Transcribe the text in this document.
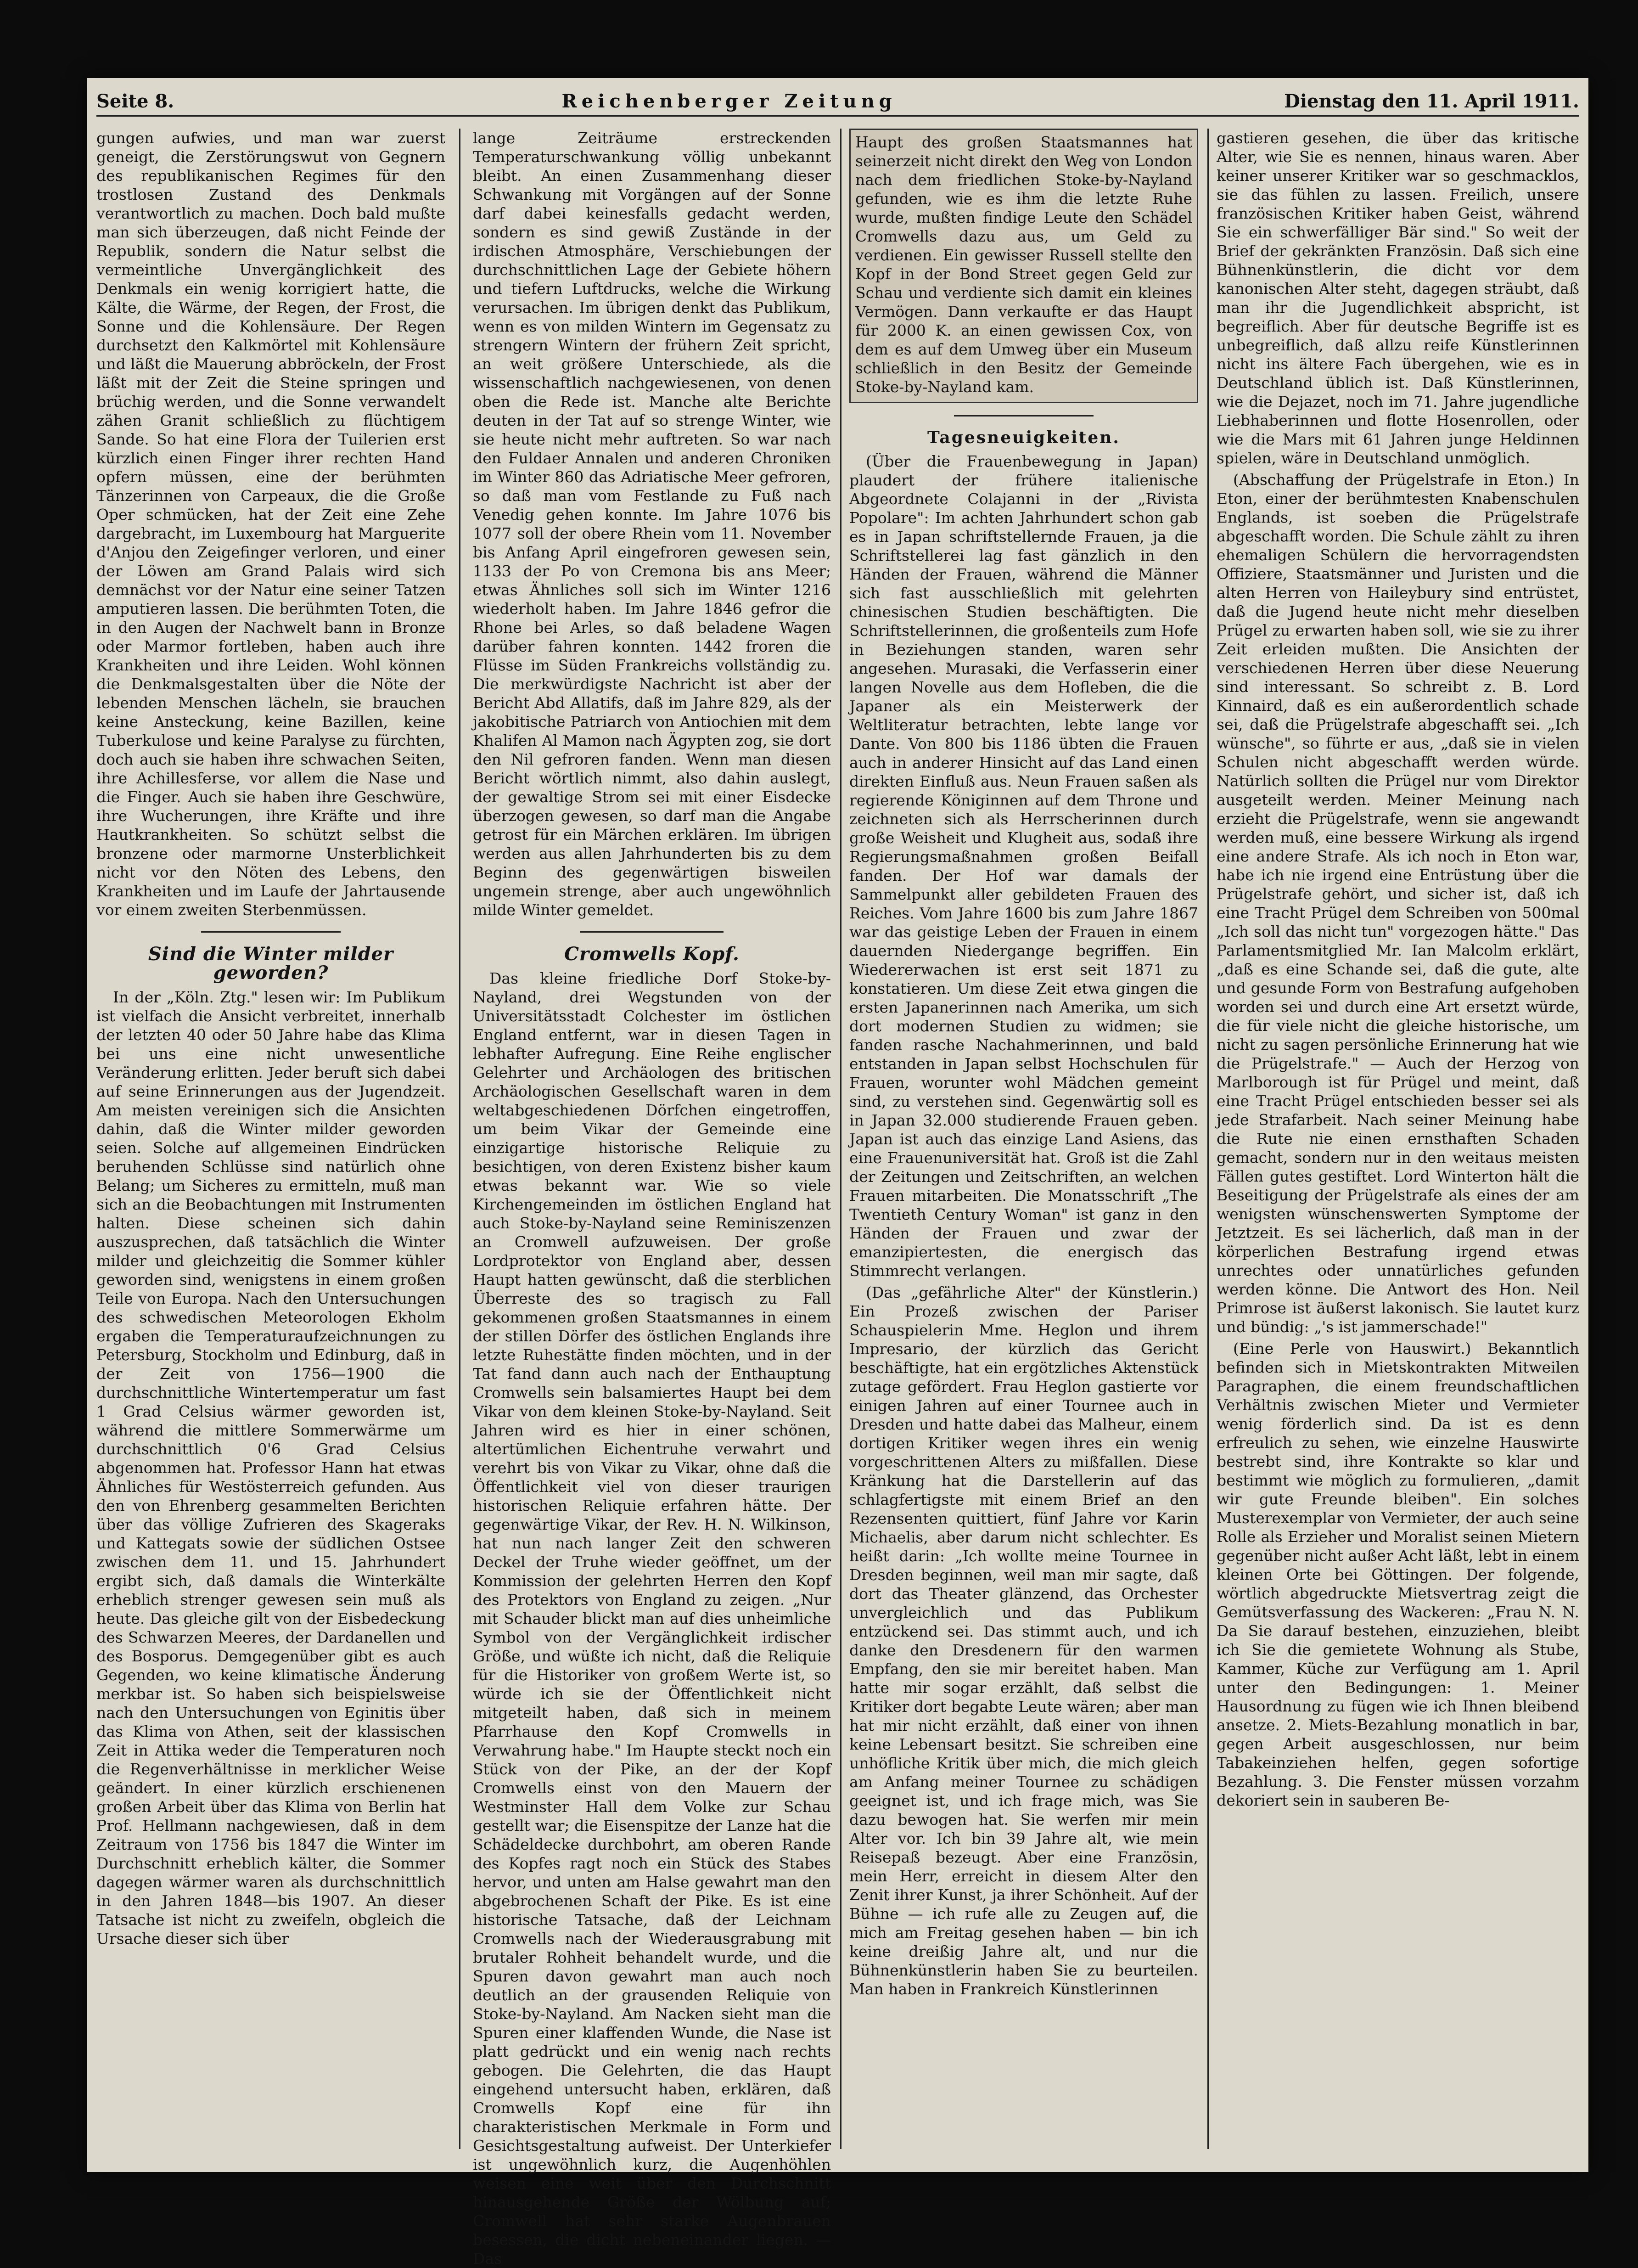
Seite 8.	Reichenberger Zeitung	Dienstag den 11. April 1911.

gungen aufwies, und man war zuerst geneigt, die Zerstörungswut von Gegnern des republikanischen Regimes für den trostlosen Zustand des Denkmals verantwortlich zu machen. Doch bald mußte man sich überzeugen, daß nicht Feinde der Republik, sondern die Natur selbst die vermeintliche Unvergänglichkeit des Denkmals ein wenig korrigiert hatte, die Kälte, die Wärme, der Regen, der Frost, die Sonne und die Kohlensäure. Der Regen durchsetzt den Kalkmörtel mit Kohlensäure und läßt die Mauerung abbröckeln, der Frost läßt mit der Zeit die Steine springen und brüchig werden, und die Sonne verwandelt zähen Granit schließlich zu flüchtigem Sande. So hat eine Flora der Tuilerien erst kürzlich einen Finger ihrer rechten Hand opfern müssen, eine der berühmten Tänzerinnen von Carpeaux, die die Große Oper schmücken, hat der Zeit eine Zehe dargebracht, im Luxembourg hat Marguerite d'Anjou den Zeigefinger verloren, und einer der Löwen am Grand Palais wird sich demnächst vor der Natur eine seiner Tatzen amputieren lassen. Die berühmten Toten, die in den Augen der Nachwelt bann in Bronze oder Marmor fortleben, haben auch ihre Krankheiten und ihre Leiden. Wohl können die Denkmalsgestalten über die Nöte der lebenden Menschen lächeln, sie brauchen keine Ansteckung, keine Bazillen, keine Tuberkulose und keine Paralyse zu fürchten, doch auch sie haben ihre schwachen Seiten, ihre Achillesferse, vor allem die Nase und die Finger. Auch sie haben ihre Geschwüre, ihre Wucherungen, ihre Kräfte und ihre Hautkrankheiten. So schützt selbst die bronzene oder marmorne Unsterblichkeit nicht vor den Nöten des Lebens, den Krankheiten und im Laufe der Jahrtausende vor einem zweiten Sterbenmüssen.

Sind die Winter milder geworden?

In der „Köln. Ztg." lesen wir: Im Publikum ist vielfach die Ansicht verbreitet, innerhalb der letzten 40 oder 50 Jahre habe das Klima bei uns eine nicht unwesentliche Veränderung erlitten. Jeder beruft sich dabei auf seine Erinnerungen aus der Jugendzeit. Am meisten vereinigen sich die Ansichten dahin, daß die Winter milder geworden seien. Solche auf allgemeinen Eindrücken beruhenden Schlüsse sind natürlich ohne Belang; um Sicheres zu ermitteln, muß man sich an die Beobachtungen mit Instrumenten halten. Diese scheinen sich dahin auszusprechen, daß tatsächlich die Winter milder und gleichzeitig die Sommer kühler geworden sind, wenigstens in einem großen Teile von Europa. Nach den Untersuchungen des schwedischen Meteorologen Ekholm ergaben die Temperaturaufzeichnungen zu Petersburg, Stockholm und Edinburg, daß in der Zeit von 1756—1900 die durchschnittliche Wintertemperatur um fast 1 Grad Celsius wärmer geworden ist, während die mittlere Sommerwärme um durchschnittlich 0'6 Grad Celsius abgenommen hat. Professor Hann hat etwas Ähnliches für Westösterreich gefunden. Aus den von Ehrenberg gesammelten Berichten über das völlige Zufrieren des Skageraks und Kattegats sowie der südlichen Ostsee zwischen dem 11. und 15. Jahrhundert ergibt sich, daß damals die Winterkälte erheblich strenger gewesen sein muß als heute. Das gleiche gilt von der Eisbedeckung des Schwarzen Meeres, der Dardanellen und des Bosporus. Demgegenüber gibt es auch Gegenden, wo keine klimatische Änderung merkbar ist. So haben sich beispielsweise nach den Untersuchungen von Eginitis über das Klima von Athen, seit der klassischen Zeit in Attika weder die Temperaturen noch die Regenverhältnisse in merklicher Weise geändert. In einer kürzlich erschienenen großen Arbeit über das Klima von Berlin hat Prof. Hellmann nachgewiesen, daß in dem Zeitraum von 1756 bis 1847 die Winter im Durchschnitt erheblich kälter, die Sommer dagegen wärmer waren als durchschnittlich in den Jahren 1848—bis 1907. An dieser Tatsache ist nicht zu zweifeln, obgleich die Ursache dieser sich über

lange Zeiträume erstreckenden Temperaturschwankung völlig unbekannt bleibt. An einen Zusammenhang dieser Schwankung mit Vorgängen auf der Sonne darf dabei keinesfalls gedacht werden, sondern es sind gewiß Zustände in der irdischen Atmosphäre, Verschiebungen der durchschnittlichen Lage der Gebiete höhern und tiefern Luftdrucks, welche die Wirkung verursachen. Im übrigen denkt das Publikum, wenn es von milden Wintern im Gegensatz zu strengern Wintern der frühern Zeit spricht, an weit größere Unterschiede, als die wissenschaftlich nachgewiesenen, von denen oben die Rede ist. Manche alte Berichte deuten in der Tat auf so strenge Winter, wie sie heute nicht mehr auftreten. So war nach den Fuldaer Annalen und anderen Chroniken im Winter 860 das Adriatische Meer gefroren, so daß man vom Festlande zu Fuß nach Venedig gehen konnte. Im Jahre 1076 bis 1077 soll der obere Rhein vom 11. November bis Anfang April eingefroren gewesen sein, 1133 der Po von Cremona bis ans Meer; etwas Ähnliches soll sich im Winter 1216 wiederholt haben. Im Jahre 1846 gefror die Rhone bei Arles, so daß beladene Wagen darüber fahren konnten. 1442 froren die Flüsse im Süden Frankreichs vollständig zu. Die merkwürdigste Nachricht ist aber der Bericht Abd Allatifs, daß im Jahre 829, als der jakobitische Patriarch von Antiochien mit dem Khalifen Al Mamon nach Ägypten zog, sie dort den Nil gefroren fanden. Wenn man diesen Bericht wörtlich nimmt, also dahin auslegt, der gewaltige Strom sei mit einer Eisdecke überzogen gewesen, so darf man die Angabe getrost für ein Märchen erklären. Im übrigen werden aus allen Jahrhunderten bis zu dem Beginn des gegenwärtigen bisweilen ungemein strenge, aber auch ungewöhnlich milde Winter gemeldet.

Cromwells Kopf.

Das kleine friedliche Dorf Stoke-by-Nayland, drei Wegstunden von der Universitätsstadt Colchester im östlichen England entfernt, war in diesen Tagen in lebhafter Aufregung. Eine Reihe englischer Gelehrter und Archäologen des britischen Archäologischen Gesellschaft waren in dem weltabgeschiedenen Dörfchen eingetroffen, um beim Vikar der Gemeinde eine einzigartige historische Reliquie zu besichtigen, von deren Existenz bisher kaum etwas bekannt war. Wie so viele Kirchengemeinden im östlichen England hat auch Stoke-by-Nayland seine Reminiszenzen an Cromwell aufzuweisen. Der große Lordprotektor von England aber, dessen Haupt hatten gewünscht, daß die sterblichen Überreste des so tragisch zu Fall gekommenen großen Staatsmannes in einem der stillen Dörfer des östlichen Englands ihre letzte Ruhestätte finden möchten, und in der Tat fand dann auch nach der Enthauptung Cromwells sein balsamiertes Haupt bei dem Vikar von dem kleinen Stoke-by-Nayland. Seit Jahren wird es hier in einer schönen, altertümlichen Eichentruhe verwahrt und verehrt bis von Vikar zu Vikar, ohne daß die Öffentlichkeit viel von dieser traurigen historischen Reliquie erfahren hätte. Der gegenwärtige Vikar, der Rev. H. N. Wilkinson, hat nun nach langer Zeit den schweren Deckel der Truhe wieder geöffnet, um der Kommission der gelehrten Herren den Kopf des Protektors von England zu zeigen. „Nur mit Schauder blickt man auf dies unheimliche Symbol von der Vergänglichkeit irdischer Größe, und wüßte ich nicht, daß die Reliquie für die Historiker von großem Werte ist, so würde ich sie der Öffentlichkeit nicht mitgeteilt haben, daß sich in meinem Pfarrhause den Kopf Cromwells in Verwahrung habe." Im Haupte steckt noch ein Stück von der Pike, an der der Kopf Cromwells einst von den Mauern der Westminster Hall dem Volke zur Schau gestellt war; die Eisenspitze der Lanze hat die Schädeldecke durchbohrt, am oberen Rande des Kopfes ragt noch ein Stück des Stabes hervor, und unten am Halse gewahrt man den abgebrochenen Schaft der Pike. Es ist eine historische Tatsache, daß der Leichnam Cromwells nach der Wiederausgrabung mit brutaler Rohheit behandelt wurde, und die Spuren davon gewahrt man auch noch deutlich an der grausenden Reliquie von Stoke-by-Nayland. Am Nacken sieht man die Spuren einer klaffenden Wunde, die Nase ist platt gedrückt und ein wenig nach rechts gebogen. Die Gelehrten, die das Haupt eingehend untersucht haben, erklären, daß Cromwells Kopf eine für ihn charakteristischen Merkmale in Form und Gesichtsgestaltung aufweist. Der Unterkiefer ist ungewöhnlich kurz, die Augenhöhlen weisen eine weit über den Durchschnitt hinausgehende Größe der Wölbung auf; Cromwell hat sehr starke Augenbrauen besessen, die dicht nebeneinander liegen. — Das

Haupt des großen Staatsmannes hat seinerzeit nicht direkt den Weg von London nach dem friedlichen Stoke-by-Nayland gefunden, wie es ihm die letzte Ruhe wurde, mußten findige Leute den Schädel Cromwells dazu aus, um Geld zu verdienen. Ein gewisser Russell stellte den Kopf in der Bond Street gegen Geld zur Schau und verdiente sich damit ein kleines Vermögen. Dann verkaufte er das Haupt für 2000 K. an einen gewissen Cox, von dem es auf dem Umweg über ein Museum schließlich in den Besitz der Gemeinde Stoke-by-Nayland kam.

Tagesneuigkeiten.

(Über die Frauenbewegung in Japan) plaudert der frühere italienische Abgeordnete Colajanni in der „Rivista Popolare": Im achten Jahrhundert schon gab es in Japan schriftstellernde Frauen, ja die Schriftstellerei lag fast gänzlich in den Händen der Frauen, während die Männer sich fast ausschließlich mit gelehrten chinesischen Studien beschäftigten. Die Schriftstellerinnen, die großenteils zum Hofe in Beziehungen standen, waren sehr angesehen. Murasaki, die Verfasserin einer langen Novelle aus dem Hofleben, die die Japaner als ein Meisterwerk der Weltliteratur betrachten, lebte lange vor Dante. Von 800 bis 1186 übten die Frauen auch in anderer Hinsicht auf das Land einen direkten Einfluß aus. Neun Frauen saßen als regierende Königinnen auf dem Throne und zeichneten sich als Herrscherinnen durch große Weisheit und Klugheit aus, sodaß ihre Regierungsmaßnahmen großen Beifall fanden. Der Hof war damals der Sammelpunkt aller gebildeten Frauen des Reiches. Vom Jahre 1600 bis zum Jahre 1867 war das geistige Leben der Frauen in einem dauernden Niedergange begriffen. Ein Wiedererwachen ist erst seit 1871 zu konstatieren. Um diese Zeit etwa gingen die ersten Japanerinnen nach Amerika, um sich dort modernen Studien zu widmen; sie fanden rasche Nachahmerinnen, und bald entstanden in Japan selbst Hochschulen für Frauen, worunter wohl Mädchen gemeint sind, zu verstehen sind. Gegenwärtig soll es in Japan 32.000 studierende Frauen geben. Japan ist auch das einzige Land Asiens, das eine Frauenuniversität hat. Groß ist die Zahl der Zeitungen und Zeitschriften, an welchen Frauen mitarbeiten. Die Monatsschrift „The Twentieth Century Woman" ist ganz in den Händen der Frauen und zwar der emanzipiertesten, die energisch das Stimmrecht verlangen.

(Das „gefährliche Alter" der Künstlerin.) Ein Prozeß zwischen der Pariser Schauspielerin Mme. Heglon und ihrem Impresario, der kürzlich das Gericht beschäftigte, hat ein ergötzliches Aktenstück zutage gefördert. Frau Heglon gastierte vor einigen Jahren auf einer Tournee auch in Dresden und hatte dabei das Malheur, einem dortigen Kritiker wegen ihres ein wenig vorgeschrittenen Alters zu mißfallen. Diese Kränkung hat die Darstellerin auf das schlagfertigste mit einem Brief an den Rezensenten quittiert, fünf Jahre vor Karin Michaelis, aber darum nicht schlechter. Es heißt darin: „Ich wollte meine Tournee in Dresden beginnen, weil man mir sagte, daß dort das Theater glänzend, das Orchester unvergleichlich und das Publikum entzückend sei. Das stimmt auch, und ich danke den Dresdenern für den warmen Empfang, den sie mir bereitet haben. Man hatte mir sogar erzählt, daß selbst die Kritiker dort begabte Leute wären; aber man hat mir nicht erzählt, daß einer von ihnen keine Lebensart besitzt. Sie schreiben eine unhöfliche Kritik über mich, die mich gleich am Anfang meiner Tournee zu schädigen geeignet ist, und ich frage mich, was Sie dazu bewogen hat. Sie werfen mir mein Alter vor. Ich bin 39 Jahre alt, wie mein Reisepaß bezeugt. Aber eine Französin, mein Herr, erreicht in diesem Alter den Zenit ihrer Kunst, ja ihrer Schönheit. Auf der Bühne — ich rufe alle zu Zeugen auf, die mich am Freitag gesehen haben — bin ich keine dreißig Jahre alt, und nur die Bühnenkünstlerin haben Sie zu beurteilen. Man haben in Frankreich Künstlerinnen

gastieren gesehen, die über das kritische Alter, wie Sie es nennen, hinaus waren. Aber keiner unserer Kritiker war so geschmacklos, sie das fühlen zu lassen. Freilich, unsere französischen Kritiker haben Geist, während Sie ein schwerfälliger Bär sind." So weit der Brief der gekränkten Französin. Daß sich eine Bühnenkünstlerin, die dicht vor dem kanonischen Alter steht, dagegen sträubt, daß man ihr die Jugendlichkeit abspricht, ist begreiflich. Aber für deutsche Begriffe ist es unbegreiflich, daß allzu reife Künstlerinnen nicht ins ältere Fach übergehen, wie es in Deutschland üblich ist. Daß Künstlerinnen, wie die Dejazet, noch im 71. Jahre jugendliche Liebhaberinnen und flotte Hosenrollen, oder wie die Mars mit 61 Jahren junge Heldinnen spielen, wäre in Deutschland unmöglich.

(Abschaffung der Prügelstrafe in Eton.) In Eton, einer der berühmtesten Knabenschulen Englands, ist soeben die Prügelstrafe abgeschafft worden. Die Schule zählt zu ihren ehemaligen Schülern die hervorragendsten Offiziere, Staatsmänner und Juristen und die alten Herren von Haileybury sind entrüstet, daß die Jugend heute nicht mehr dieselben Prügel zu erwarten haben soll, wie sie zu ihrer Zeit erleiden mußten. Die Ansichten der verschiedenen Herren über diese Neuerung sind interessant. So schreibt z. B. Lord Kinnaird, daß es ein außerordentlich schade sei, daß die Prügelstrafe abgeschafft sei. „Ich wünsche", so führte er aus, „daß sie in vielen Schulen nicht abgeschafft werden würde. Natürlich sollten die Prügel nur vom Direktor ausgeteilt werden. Meiner Meinung nach erzieht die Prügelstrafe, wenn sie angewandt werden muß, eine bessere Wirkung als irgend eine andere Strafe. Als ich noch in Eton war, habe ich nie irgend eine Entrüstung über die Prügelstrafe gehört, und sicher ist, daß ich eine Tracht Prügel dem Schreiben von 500mal „Ich soll das nicht tun" vorgezogen hätte." Das Parlamentsmitglied Mr. Ian Malcolm erklärt, „daß es eine Schande sei, daß die gute, alte und gesunde Form von Bestrafung aufgehoben worden sei und durch eine Art ersetzt würde, die für viele nicht die gleiche historische, um nicht zu sagen persönliche Erinnerung hat wie die Prügelstrafe." — Auch der Herzog von Marlborough ist für Prügel und meint, daß eine Tracht Prügel entschieden besser sei als jede Strafarbeit. Nach seiner Meinung habe die Rute nie einen ernsthaften Schaden gemacht, sondern nur in den weitaus meisten Fällen gutes gestiftet. Lord Winterton hält die Beseitigung der Prügelstrafe als eines der am wenigsten wünschenswerten Symptome der Jetztzeit. Es sei lächerlich, daß man in der körperlichen Bestrafung irgend etwas unrechtes oder unnatürliches gefunden werden könne. Die Antwort des Hon. Neil Primrose ist äußerst lakonisch. Sie lautet kurz und bündig: „'s ist jammerschade!"

(Eine Perle von Hauswirt.) Bekanntlich befinden sich in Mietskontrakten Mitweilen Paragraphen, die einem freundschaftlichen Verhältnis zwischen Mieter und Vermieter wenig förderlich sind. Da ist es denn erfreulich zu sehen, wie einzelne Hauswirte bestrebt sind, ihre Kontrakte so klar und bestimmt wie möglich zu formulieren, „damit wir gute Freunde bleiben". Ein solches Musterexemplar von Vermieter, der auch seine Rolle als Erzieher und Moralist seinen Mietern gegenüber nicht außer Acht läßt, lebt in einem kleinen Orte bei Göttingen. Der folgende, wörtlich abgedruckte Mietsvertrag zeigt die Gemütsverfassung des Wackeren: „Frau N. N. Da Sie darauf bestehen, einzuziehen, bleibt ich Sie die gemietete Wohnung als Stube, Kammer, Küche zur Verfügung am 1. April unter den Bedingungen: 1. Meiner Hausordnung zu fügen wie ich Ihnen bleibend ansetze. 2. Miets-Bezahlung monatlich in bar, gegen Arbeit ausgeschlossen, nur beim Tabakeinziehen helfen, gegen sofortige Bezahlung. 3. Die Fenster müssen vorzahm dekoriert sein in sauberen Be-
